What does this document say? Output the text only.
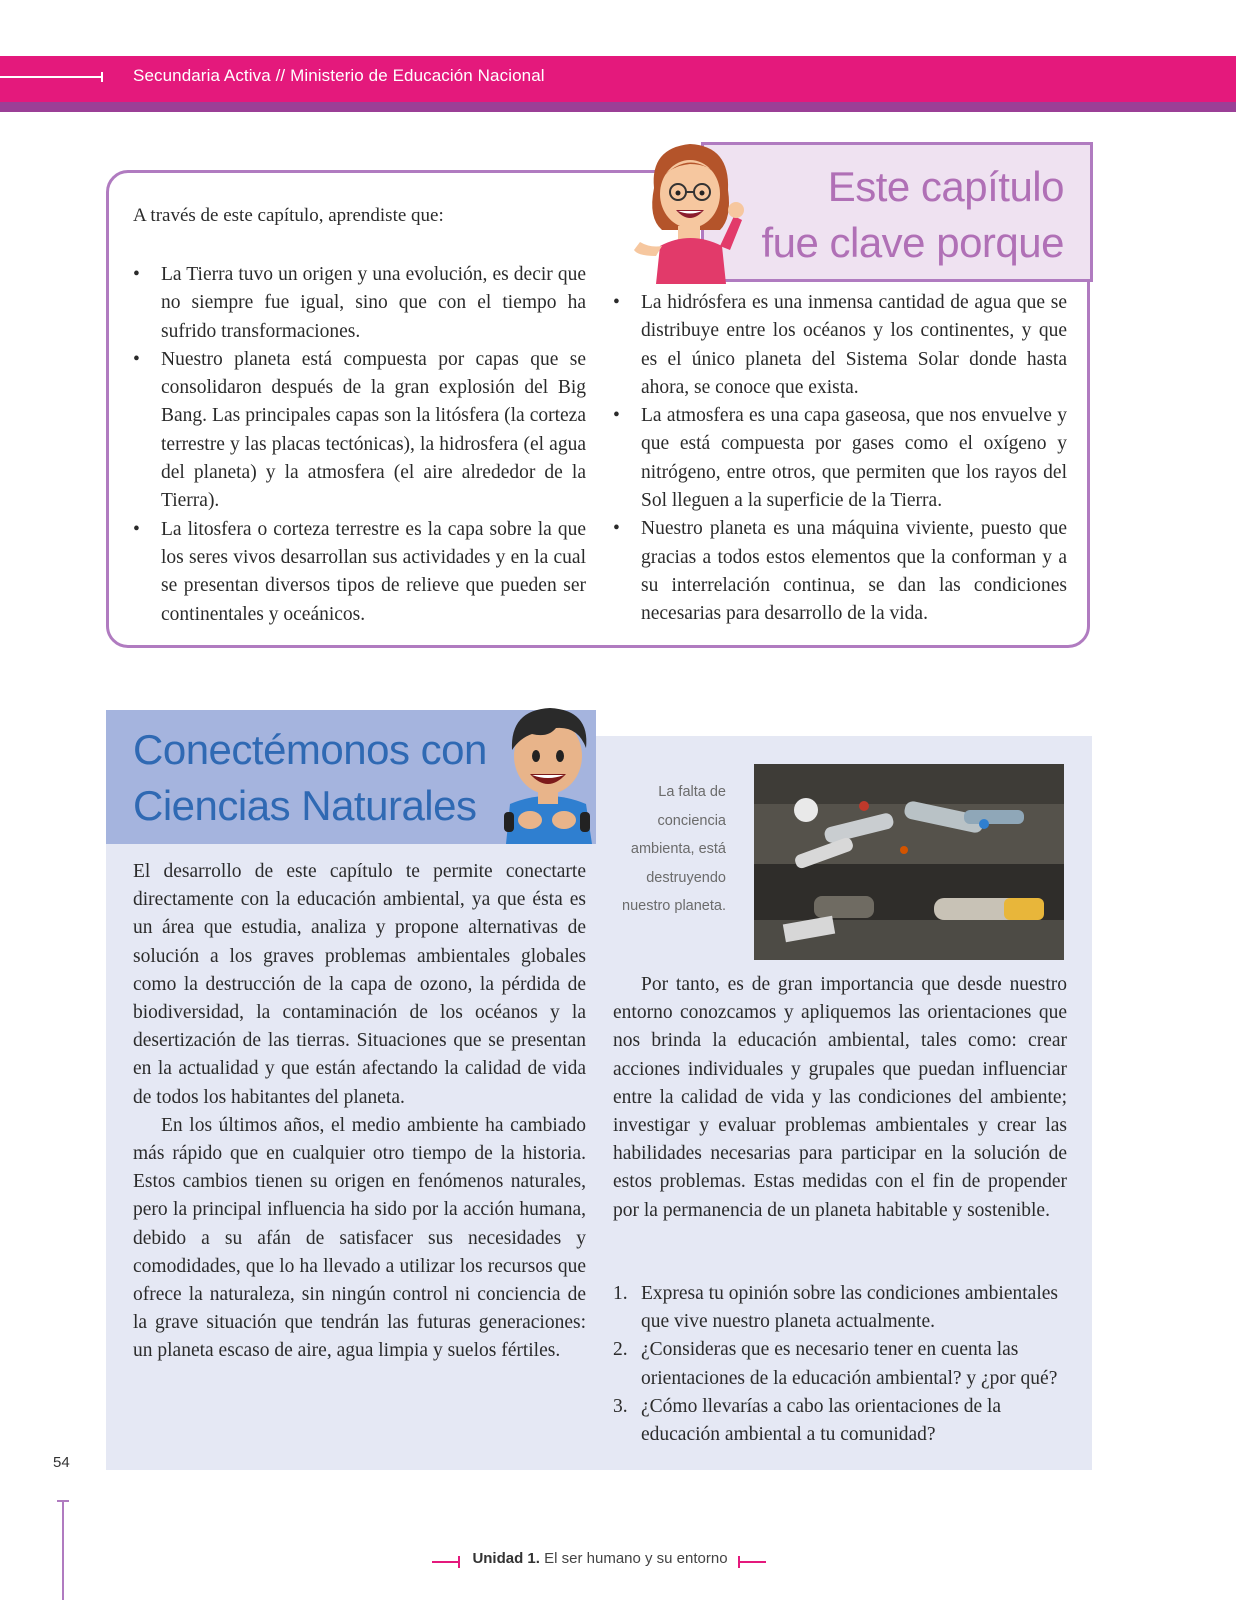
Secundaria Activa // Ministerio de Educación Nacional
Este capítulo
fue clave porque
A través de este capítulo, aprendiste que:
• La Tierra tuvo un origen y una evolución, es decir que no siempre fue igual, sino que con el tiempo ha sufrido transformaciones.
• Nuestro planeta está compuesta por capas que se consolidaron después de la gran explosión del Big Bang. Las principales capas son la litósfera (la corteza terrestre y las placas tectónicas), la hidrosfera (el agua del planeta) y la atmosfera (el aire alrededor de la Tierra).
• La litosfera o corteza terrestre es la capa sobre la que los seres vivos desarrollan sus actividades y en la cual se presentan diversos tipos de relieve que pueden ser continentales y oceánicos.
• La hidrósfera es una inmensa cantidad de agua que se distribuye entre los océanos y los continentes, y que es el único planeta del Sistema Solar donde hasta ahora, se conoce que exista.
• La atmosfera es una capa gaseosa, que nos envuelve y que está compuesta por gases como el oxígeno y nitrógeno, entre otros, que permiten que los rayos del Sol lleguen a la superficie de la Tierra.
• Nuestro planeta es una máquina viviente, puesto que gracias a todos estos elementos que la conforman y a su interrelación continua, se dan las condiciones necesarias para desarrollo de la vida.
Conectémonos con
Ciencias Naturales

El desarrollo de este capítulo te permite conectarte directamente con la educación ambiental, ya que ésta es un área que estudia, analiza y propone alternativas de solución a los graves problemas ambientales globales como la destrucción de la capa de ozono, la pérdida de biodiversidad, la contaminación de los océanos y la desertización de las tierras. Situaciones que se presentan en la actualidad y que están afectando la calidad de vida de todos los habitantes del planeta.

En los últimos años, el medio ambiente ha cambiado más rápido que en cualquier otro tiempo de la historia. Estos cambios tienen su origen en fenómenos naturales, pero la principal influencia ha sido por la acción humana, debido a su afán de satisfacer sus necesidades y comodidades, que lo ha llevado a utilizar los recursos que ofrece la naturaleza, sin ningún control ni conciencia de la grave situación que tendrán las futuras generaciones: un planeta escaso de aire, agua limpia y suelos fértiles.

La falta de conciencia ambienta, está destruyendo nuestro planeta.

Por tanto, es de gran importancia que desde nuestro entorno conozcamos y apliquemos las orientaciones que nos brinda la educación ambiental, tales como: crear acciones individuales y grupales que puedan influenciar entre la calidad de vida y las condiciones del ambiente; investigar y evaluar problemas ambientales y crear las habilidades necesarias para participar en la solución de estos problemas. Estas medidas con el fin de propender por la permanencia de un planeta habitable y sostenible.

1. Expresa tu opinión sobre las condiciones ambientales que vive nuestro planeta actualmente.
2. ¿Consideras que es necesario tener en cuenta las orientaciones de la educación ambiental? y ¿por qué?
3. ¿Cómo llevarías a cabo las orientaciones de la educación ambiental a tu comunidad?
54
Unidad 1. El ser humano y su entorno
